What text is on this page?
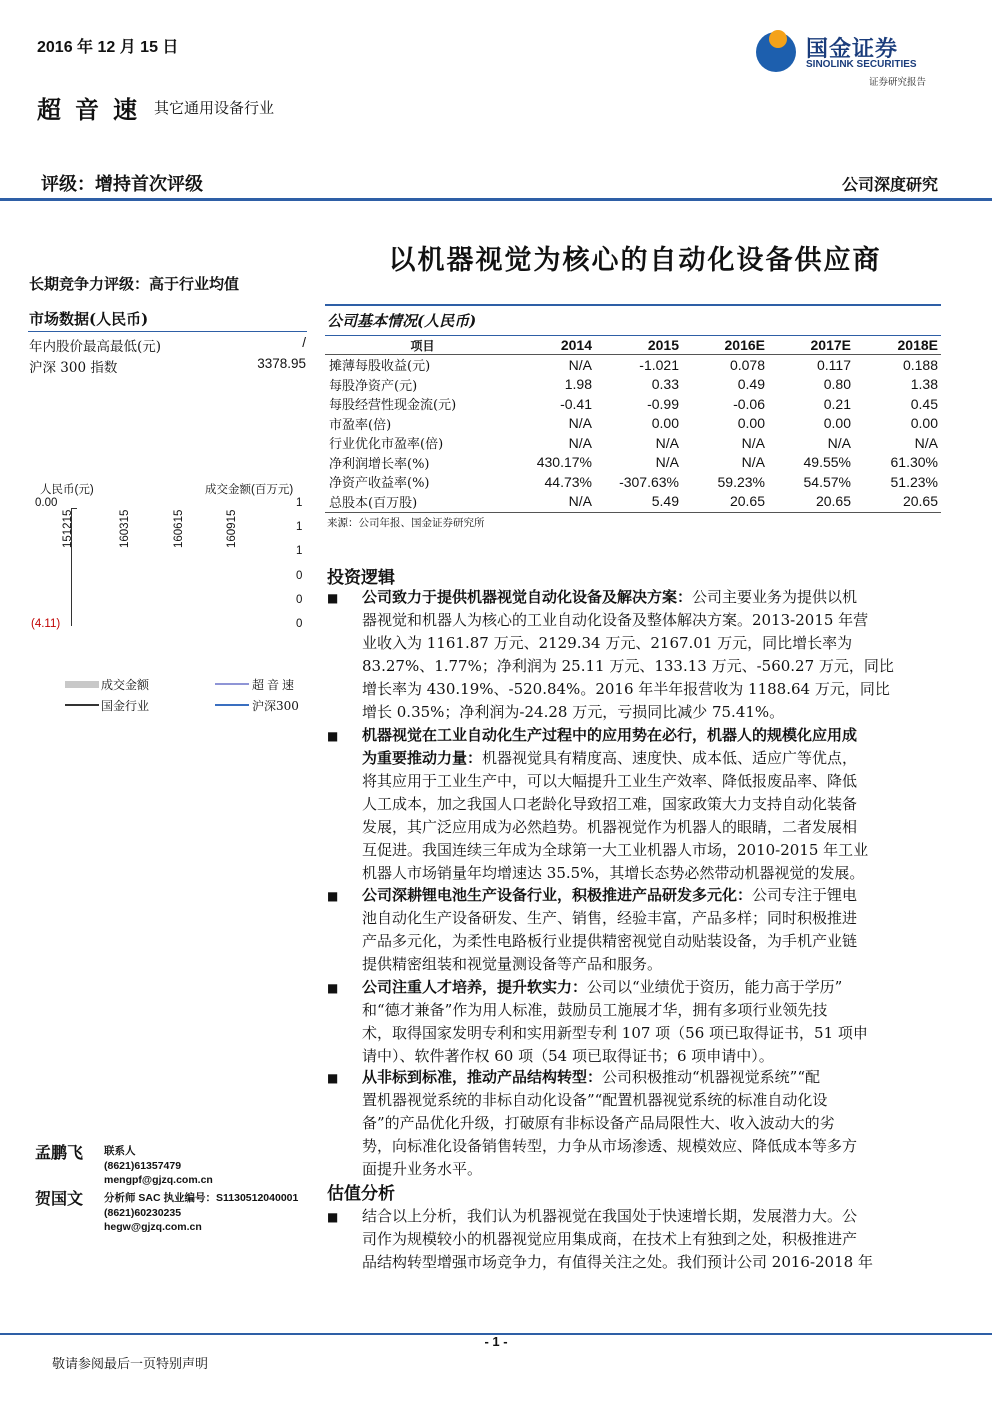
2016 年 12 月 15 日	国金证券
SINOLINK SECURITIES
证券研究报告
超音速 其它通用设备行业
评级：增持首次评级	公司深度研究
以机器视觉为核心的自动化设备供应商
长期竞争力评级：高于行业均值
市场数据(人民币)
年内股价最高最低(元)	/
沪深 300 指数	3378.95
人民币(元)	成交金额(百万元)
0.00
(4.11)
1
1
1
0
0
0
151215	160315	160615	160915
成交金额	超音速
国金行业	沪深300
公司基本情况(人民币)
项目	2014	2015	2016E	2017E	2018E
摊薄每股收益(元)	N/A	-1.021	0.078	0.117	0.188
每股净资产(元)	1.98	0.33	0.49	0.80	1.38
每股经营性现金流(元)	-0.41	-0.99	-0.06	0.21	0.45
市盈率(倍)	N/A	0.00	0.00	0.00	0.00
行业优化市盈率(倍)	N/A	N/A	N/A	N/A	N/A
净利润增长率(%)	430.17%	N/A	N/A	49.55%	61.30%
净资产收益率(%)	44.73%	-307.63%	59.23%	54.57%	51.23%
总股本(百万股)	N/A	5.49	20.65	20.65	20.65
来源：公司年报、国金证券研究所
投资逻辑
■ 公司致力于提供机器视觉自动化设备及解决方案：公司主要业务为提供以机
器视觉和机器人为核心的工业自动化设备及整体解决方案。2013-2015 年营
业收入为 1161.87 万元、2129.34 万元、2167.01 万元，同比增长率为
83.27%、1.77%；净利润为 25.11 万元、133.13 万元、-560.27 万元，同比
增长率为 430.19%、-520.84%。2016 年半年报营收为 1188.64 万元，同比
增长 0.35%；净利润为-24.28 万元，亏损同比减少 75.41%。
■ 机器视觉在工业自动化生产过程中的应用势在必行，机器人的规模化应用成
为重要推动力量：机器视觉具有精度高、速度快、成本低、适应广等优点，
将其应用于工业生产中，可以大幅提升工业生产效率、降低报废品率、降低
人工成本，加之我国人口老龄化导致招工难，国家政策大力支持自动化装备
发展，其广泛应用成为必然趋势。机器视觉作为机器人的眼睛，二者发展相
互促进。我国连续三年成为全球第一大工业机器人市场，2010-2015 年工业
机器人市场销量年均增速达 35.5%，其增长态势必然带动机器视觉的发展。
■ 公司深耕锂电池生产设备行业，积极推进产品研发多元化：公司专注于锂电
池自动化生产设备研发、生产、销售，经验丰富，产品多样；同时积极推进
产品多元化，为柔性电路板行业提供精密视觉自动贴装设备，为手机产业链
提供精密组装和视觉量测设备等产品和服务。
■ 公司注重人才培养，提升软实力：公司以“业绩优于资历，能力高于学历”
和“德才兼备”作为用人标准，鼓励员工施展才华，拥有多项行业领先技
术，取得国家发明专利和实用新型专利 107 项（56 项已取得证书，51 项申
请中）、软件著作权 60 项（54 项已取得证书；6 项申请中）。
■ 从非标到标准，推动产品结构转型：公司积极推动“机器视觉系统”“配
置机器视觉系统的非标自动化设备”“配置机器视觉系统的标准自动化设
备”的产品优化升级，打破原有非标设备产品局限性大、收入波动大的劣
势，向标准化设备销售转型，力争从市场渗透、规模效应、降低成本等多方
面提升业务水平。
估值分析
■ 结合以上分析，我们认为机器视觉在我国处于快速增长期，发展潜力大。公
司作为规模较小的机器视觉应用集成商，在技术上有独到之处，积极推进产
品结构转型增强市场竞争力，有值得关注之处。我们预计公司 2016-2018 年
孟鹏飞 联系人
(8621)61357479
mengpf@gjzq.com.cn
贺国文 分析师 SAC 执业编号：S1130512040001
(8621)60230235
hegw@gjzq.com.cn
- 1 -
敬请参阅最后一页特别声明
